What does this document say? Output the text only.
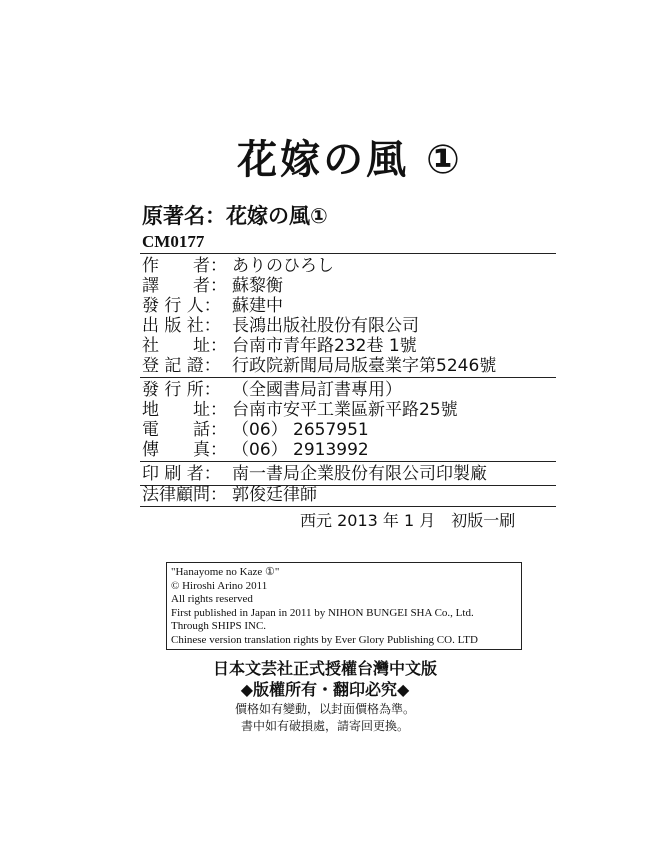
花嫁の風 ①
原著名：花嫁の風①
CM0177
作　　者： ありのひろし
譯　　者： 蘇黎衡
發 行 人： 蘇建中
出 版 社： 長鴻出版社股份有限公司
社　　址： 台南市青年路232巷 1號
登 記 證： 行政院新聞局局版臺業字第5246號
發 行 所： （全國書局訂書專用）
地　　址： 台南市安平工業區新平路25號
電　　話： （06） 2657951
傳　　真： （06） 2913992
印 刷 者： 南一書局企業股份有限公司印製廠
法律顧問： 郭俊廷律師
西元 2013 年 1 月　初版一刷
"Hanayome no Kaze ①"
© Hiroshi Arino 2011
All rights reserved
First published in Japan in 2011 by NIHON BUNGEI SHA Co., Ltd.
Through SHIPS INC.
Chinese version translation rights by Ever Glory Publishing CO. LTD
日本文芸社正式授權台灣中文版
◆版權所有・翻印必究◆
價格如有變動，以封面價格為準。
書中如有破損處，請寄回更換。
